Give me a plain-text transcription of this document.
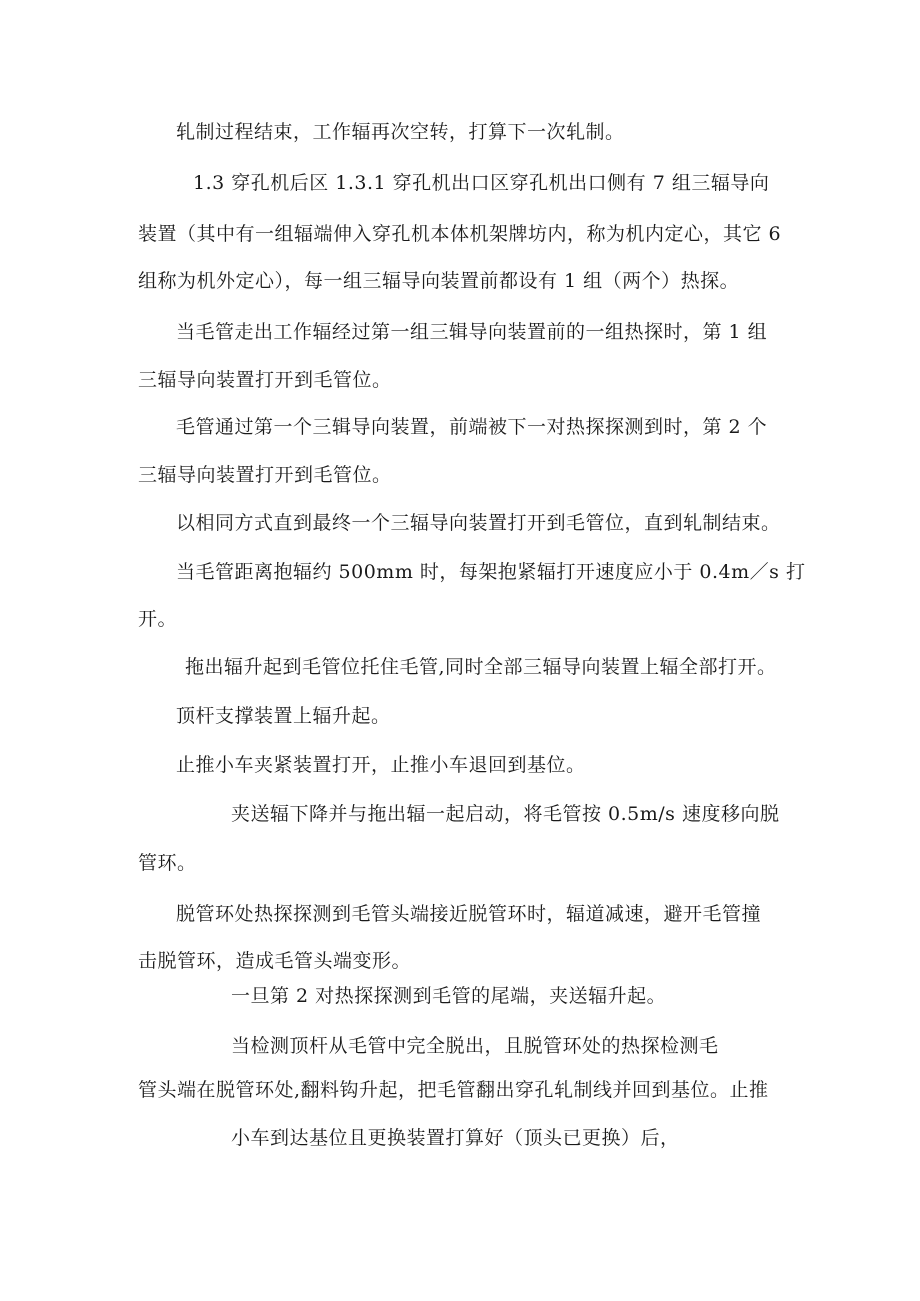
轧制过程结束，工作辐再次空转，打算下一次轧制。
1.3 穿孔机后区 1.3.1 穿孔机出口区穿孔机出口侧有 7 组三辐导向
装置（其中有一组辐端伸入穿孔机本体机架牌坊内，称为机内定心，其它 6
组称为机外定心），每一组三辐导向装置前都设有 1 组（两个）热探。
当毛管走出工作辐经过第一组三辑导向装置前的一组热探时，第 1 组
三辐导向装置打开到毛管位。
毛管通过第一个三辑导向装置，前端被下一对热探探测到时，第 2 个
三辐导向装置打开到毛管位。
以相同方式直到最终一个三辐导向装置打开到毛管位，直到轧制结束。
当毛管距离抱辐约 500mm 时，每架抱紧辐打开速度应小于 0.4m／s 打
开。
拖出辐升起到毛管位托住毛管,同时全部三辐导向装置上辐全部打开。
顶杆支撑装置上辐升起。
止推小车夹紧装置打开，止推小车退回到基位。
夹送辐下降并与拖出辐一起启动，将毛管按 0.5m/s 速度移向脱
管环。
脱管环处热探探测到毛管头端接近脱管环时，辐道减速，避开毛管撞
击脱管环，造成毛管头端变形。
一旦第 2 对热探探测到毛管的尾端，夹送辐升起。
当检测顶杆从毛管中完全脱出，且脱管环处的热探检测毛
管头端在脱管环处,翻料钩升起，把毛管翻出穿孔轧制线并回到基位。止推
小车到达基位且更换装置打算好（顶头已更换）后，
